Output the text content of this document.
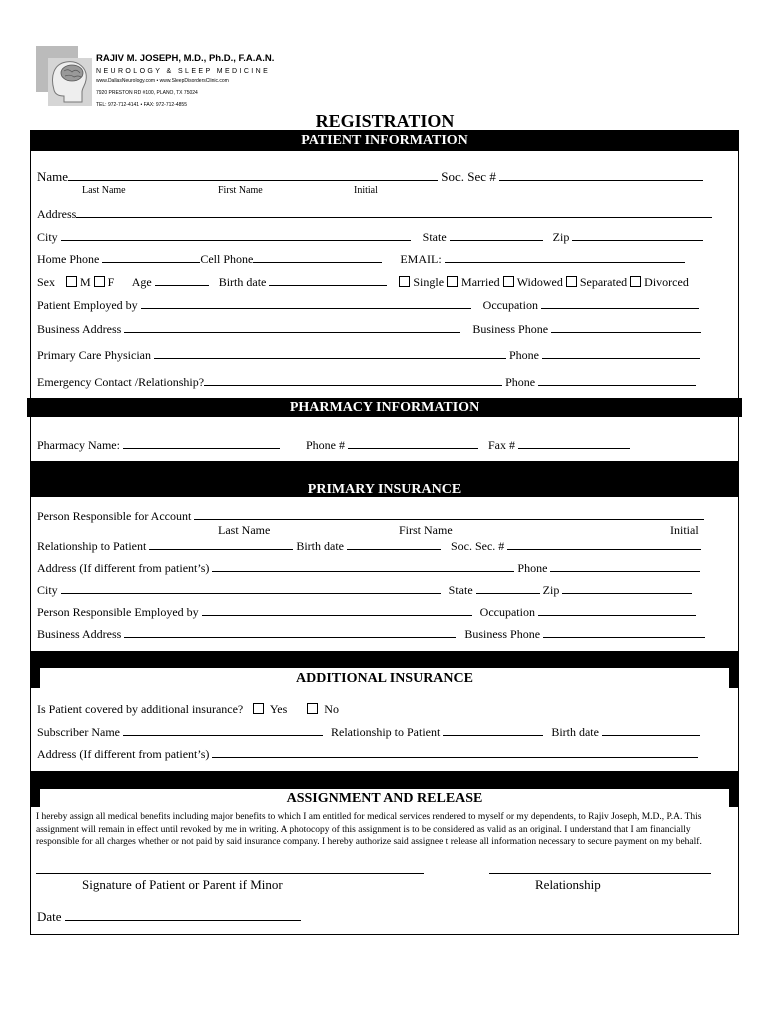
RAJIV M. JOSEPH, M.D., Ph.D., F.A.A.N.
NEUROLOGY & SLEEP MEDICINE
www.DallasNeurology.com • www.SleepDisordersClinic.com
7920 PRESTON RD #100, PLANO, TX 75024
TEL: 972-712-4141 • FAX: 972-712-4855
REGISTRATION
PATIENT INFORMATION
Name	Soc. Sec #
Last Name	First Name	Initial
Address
City	State	Zip
Home Phone	Cell Phone	EMAIL:
Sex M F Age	Birth date	Single Married Widowed Separated Divorced
Patient Employed by	Occupation
Business Address	Business Phone
Primary Care Physician	Phone
Emergency Contact /Relationship?	Phone
PHARMACY INFORMATION
Pharmacy Name:	Phone #	Fax #
PRIMARY INSURANCE
Person Responsible for Account
Last Name	First Name	Initial
Relationship to Patient	Birth date	Soc. Sec. #
Address (If different from patient’s)	Phone
City	State	Zip
Person Responsible Employed by	Occupation
Business Address	Business Phone
ADDITIONAL INSURANCE
Is Patient covered by additional insurance? Yes	No
Subscriber Name	Relationship to Patient	Birth date
Address (If different from patient’s)
ASSIGNMENT AND RELEASE
I hereby assign all medical benefits including major benefits to which I am entitled for medical services rendered to myself or my dependents, to Rajiv Joseph, M.D., P.A. This assignment will remain in effect until revoked by me in writing. A photocopy of this assignment is to be considered as valid as an original. I understand that I am financially responsible for all charges whether or not paid by said insurance company. I hereby authorize said assignee t release all information necessary to secure payment on my behalf.
Signature of Patient or Parent if Minor	Relationship
Date
